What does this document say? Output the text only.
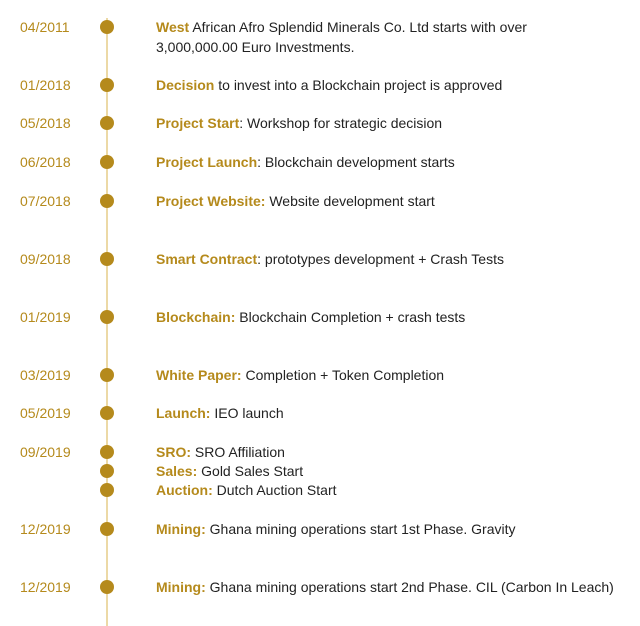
04/2011	West African Afro Splendid Minerals Co. Ltd starts with over
3,000,000.00 Euro Investments.
01/2018	Decision to invest into a Blockchain project is approved
05/2018	Project Start: Workshop for strategic decision
06/2018	Project Launch: Blockchain development starts
07/2018	Project Website: Website development start
09/2018	Smart Contract: prototypes development + Crash Tests
01/2019	Blockchain: Blockchain Completion + crash tests
03/2019	White Paper: Completion + Token Completion
05/2019	Launch: IEO launch
09/2019	SRO: SRO Affiliation
Sales: Gold Sales Start
Auction: Dutch Auction Start
12/2019	Mining: Ghana mining operations start 1st Phase. Gravity
12/2019	Mining: Ghana mining operations start 2nd Phase. CIL (Carbon In Leach)
